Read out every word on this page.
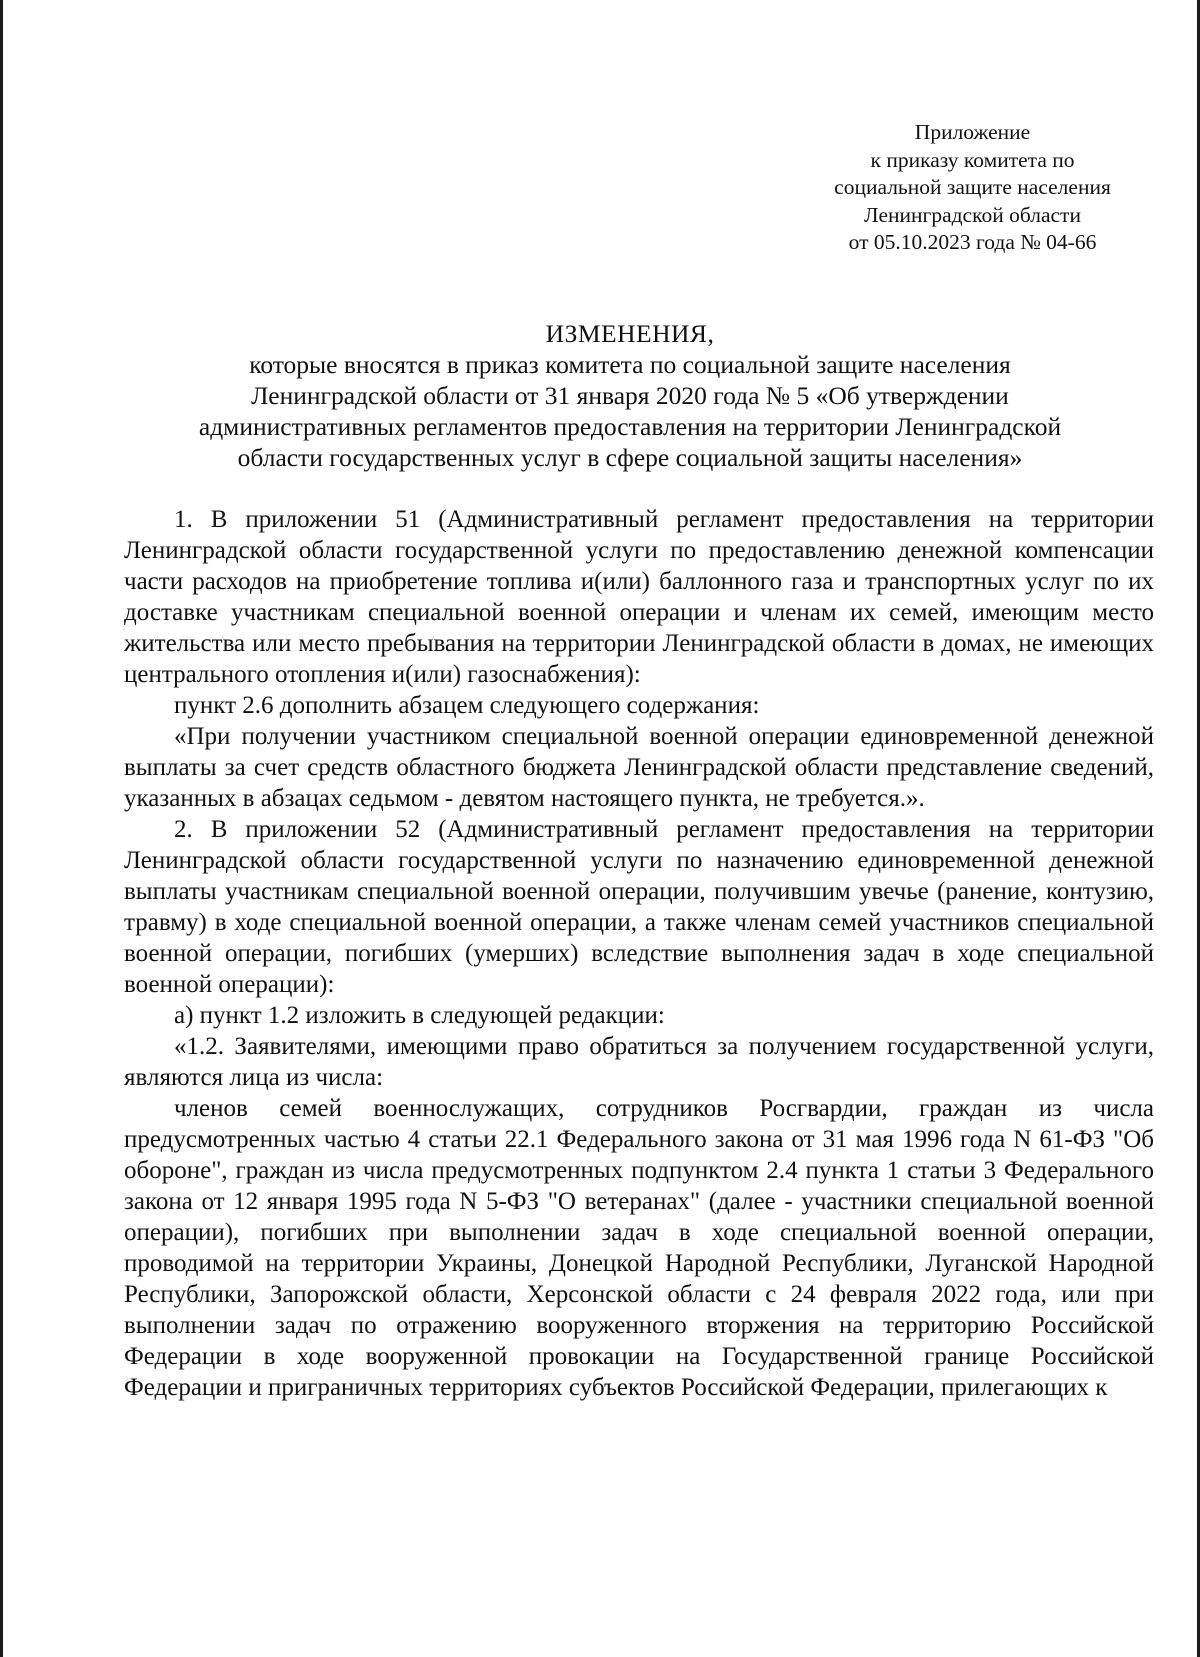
Приложение
к приказу комитета по
социальной защите населения
Ленинградской области
от 05.10.2023 года № 04-66
ИЗМЕНЕНИЯ,
которые вносятся в приказ комитета по социальной защите населения
Ленинградской области от 31 января 2020 года № 5 «Об утверждении
административных регламентов предоставления на территории Ленинградской
области государственных услуг в сфере социальной защиты населения»

1. В приложении 51 (Административный регламент предоставления на территории Ленинградской области государственной услуги по предоставлению денежной компенсации части расходов на приобретение топлива и(или) баллонного газа и транспортных услуг по их доставке участникам специальной военной операции и членам их семей, имеющим место жительства или место пребывания на территории Ленинградской области в домах, не имеющих центрального отопления и(или) газоснабжения):

пункт 2.6 дополнить абзацем следующего содержания:

«При получении участником специальной военной операции единовременной денежной выплаты за счет средств областного бюджета Ленинградской области представление сведений, указанных в абзацах седьмом - девятом настоящего пункта, не требуется.».

2. В приложении 52 (Административный регламент предоставления на территории Ленинградской области государственной услуги по назначению единовременной денежной выплаты участникам специальной военной операции, получившим увечье (ранение, контузию, травму) в ходе специальной военной операции, а также членам семей участников специальной военной операции, погибших (умерших) вследствие выполнения задач в ходе специальной военной операции):

а) пункт 1.2 изложить в следующей редакции:

«1.2. Заявителями, имеющими право обратиться за получением государственной услуги, являются лица из числа:

членов семей военнослужащих, сотрудников Росгвардии, граждан из числа предусмотренных частью 4 статьи 22.1 Федерального закона от 31 мая 1996 года N 61-ФЗ "Об обороне", граждан из числа предусмотренных подпунктом 2.4 пункта 1 статьи 3 Федерального закона от 12 января 1995 года N 5-ФЗ "О ветеранах" (далее - участники специальной военной операции), погибших при выполнении задач в ходе специальной военной операции, проводимой на территории Украины, Донецкой Народной Республики, Луганской Народной Республики, Запорожской области, Херсонской области с 24 февраля 2022 года, или при выполнении задач по отражению вооруженного вторжения на территорию Российской Федерации в ходе вооруженной провокации на Государственной границе Российской Федерации и приграничных территориях субъектов Российской Федерации, прилегающих к
